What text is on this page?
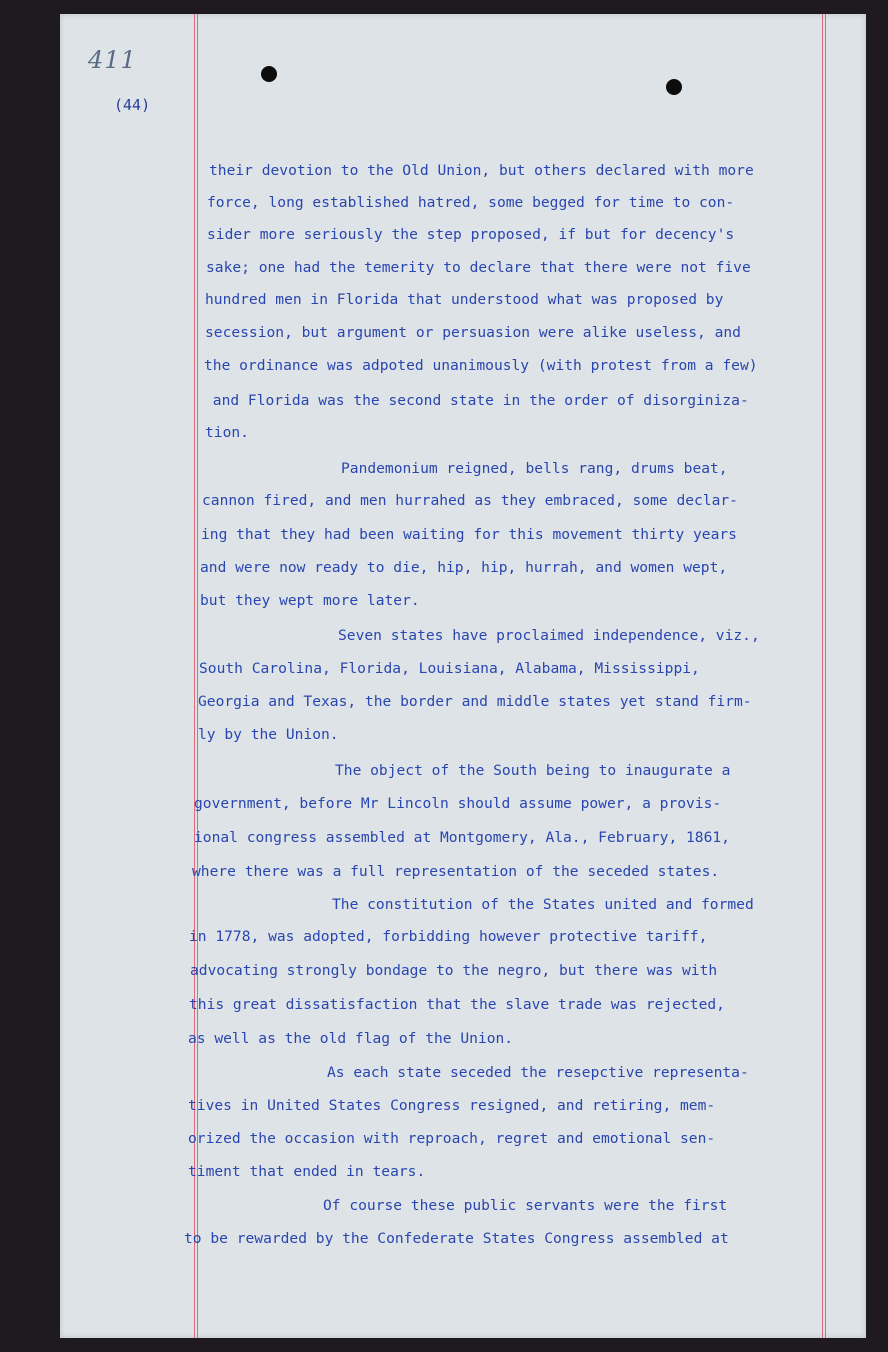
411
(44)
their devotion to the Old Union, but others declared with more
force, long established hatred, some begged for time to con-
sider more seriously the step proposed, if but for decency's
sake; one had the temerity to declare that there were not five
hundred men in Florida that understood what was proposed by
secession, but argument or persuasion were alike useless, and
the ordinance was adpoted unanimously (with protest from a few)
and Florida was the second state in the order of disorginiza-
tion.
Pandemonium reigned, bells rang, drums beat,
cannon fired, and men hurrahed as they embraced, some declar-
ing that they had been waiting for this movement thirty years
and were now ready to die, hip, hip, hurrah, and women wept,
but they wept more later.
Seven states have proclaimed independence, viz.,
South Carolina, Florida, Louisiana, Alabama, Mississippi,
Georgia and Texas, the border and middle states yet stand firm-
ly by the Union.
The object of the South being to inaugurate a
government, before Mr Lincoln should assume power, a provis-
ional congress assembled at Montgomery, Ala., February, 1861,
where there was a full representation of the seceded states.
The constitution of the States united and formed
in 1778, was adopted, forbidding however protective tariff,
advocating strongly bondage to the negro, but there was with
this great dissatisfaction that the slave trade was rejected,
as well as the old flag of the Union.
As each state seceded the resepctive representa-
tives in United States Congress resigned, and retiring, mem-
orized the occasion with reproach, regret and emotional sen-
timent that ended in tears.
Of course these public servants were the first
to be rewarded by the Confederate States Congress assembled at
